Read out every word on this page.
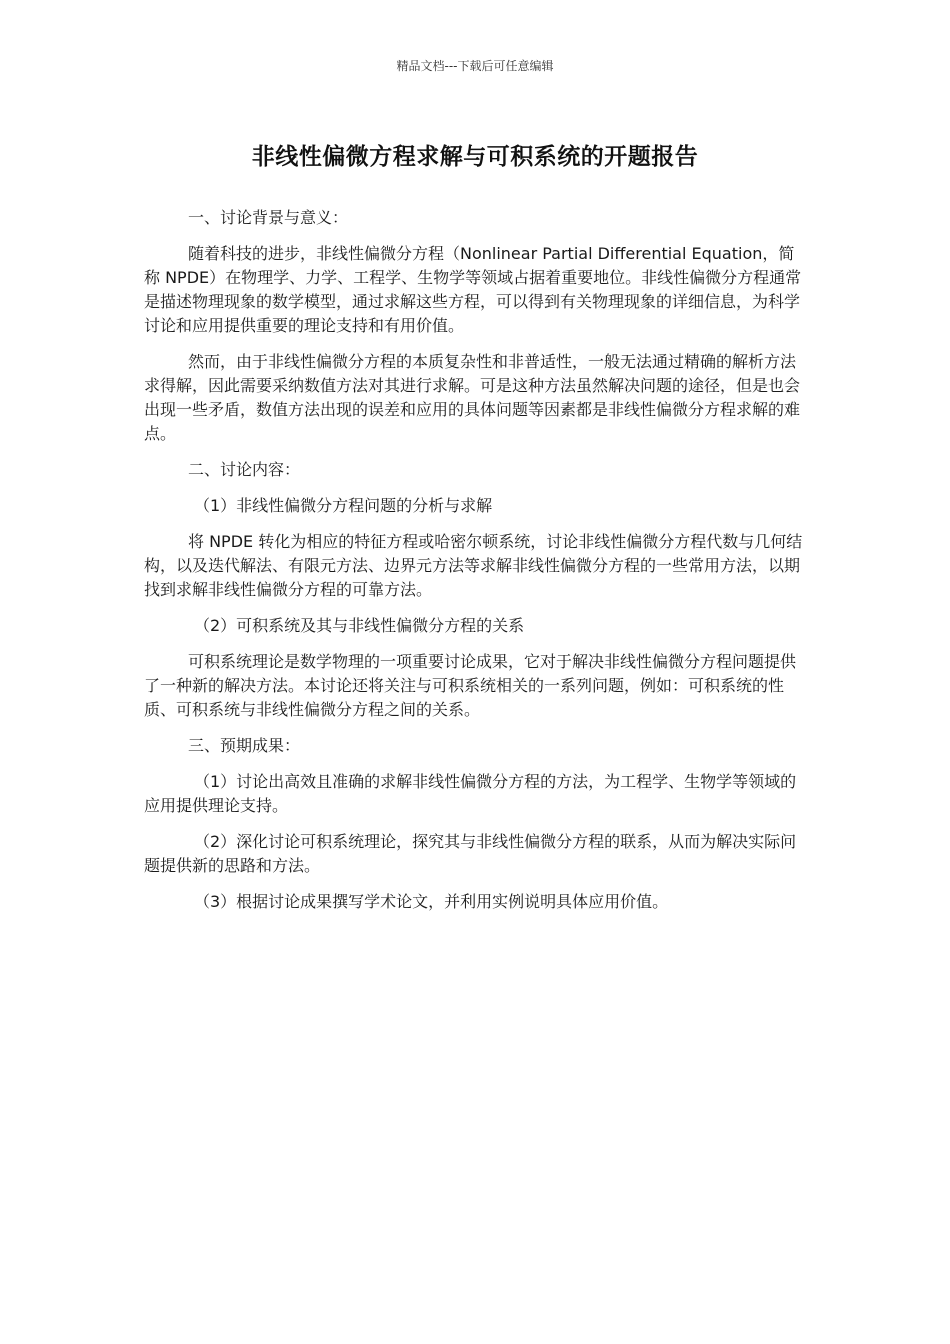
精品文档---下载后可任意编辑
非线性偏微方程求解与可积系统的开题报告

一、讨论背景与意义：

随着科技的进步，非线性偏微分方程（Nonlinear Partial Differential Equation，简称 NPDE）在物理学、力学、工程学、生物学等领域占据着重要地位。非线性偏微分方程通常是描述物理现象的数学模型，通过求解这些方程，可以得到有关物理现象的详细信息，为科学讨论和应用提供重要的理论支持和有用价值。

然而，由于非线性偏微分方程的本质复杂性和非普适性，一般无法通过精确的解析方法求得解，因此需要采纳数值方法对其进行求解。可是这种方法虽然解决问题的途径，但是也会出现一些矛盾，数值方法出现的误差和应用的具体问题等因素都是非线性偏微分方程求解的难点。

二、讨论内容：

（1）非线性偏微分方程问题的分析与求解

将 NPDE 转化为相应的特征方程或哈密尔顿系统，讨论非线性偏微分方程代数与几何结构，以及迭代解法、有限元方法、边界元方法等求解非线性偏微分方程的一些常用方法，以期找到求解非线性偏微分方程的可靠方法。

（2）可积系统及其与非线性偏微分方程的关系

可积系统理论是数学物理的一项重要讨论成果，它对于解决非线性偏微分方程问题提供了一种新的解决方法。本讨论还将关注与可积系统相关的一系列问题，例如：可积系统的性质、可积系统与非线性偏微分方程之间的关系。

三、预期成果：

（1）讨论出高效且准确的求解非线性偏微分方程的方法，为工程学、生物学等领域的应用提供理论支持。

（2）深化讨论可积系统理论，探究其与非线性偏微分方程的联系，从而为解决实际问题提供新的思路和方法。

（3）根据讨论成果撰写学术论文，并利用实例说明具体应用价值。
